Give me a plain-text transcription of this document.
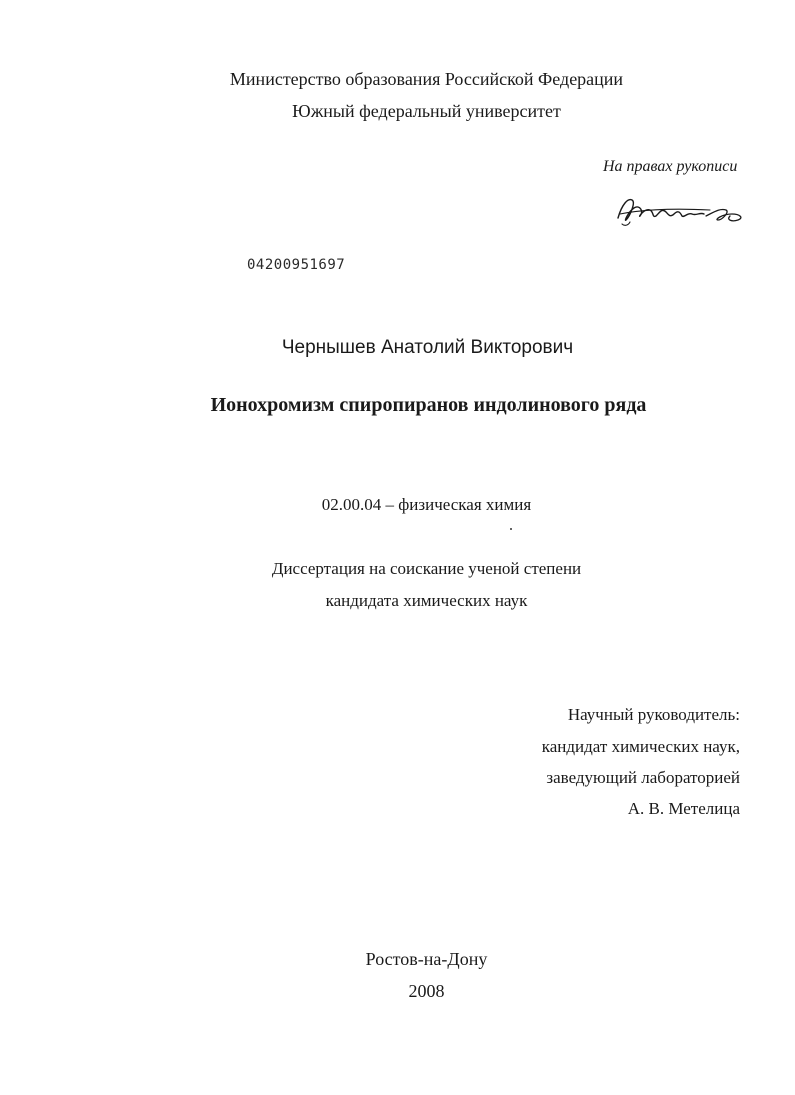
Министерство образования Российской Федерации
Южный федеральный университет
На правах рукописи
04200951697
Чернышев Анатолий Викторович
Ионохромизм спиропиранов индолинового ряда
02.00.04 – физическая химия
Диссертация на соискание ученой степени
кандидата химических наук
Научный руководитель:
кандидат химических наук,
заведующий лабораторией
А. В. Метелица
Ростов-на-Дону
2008
